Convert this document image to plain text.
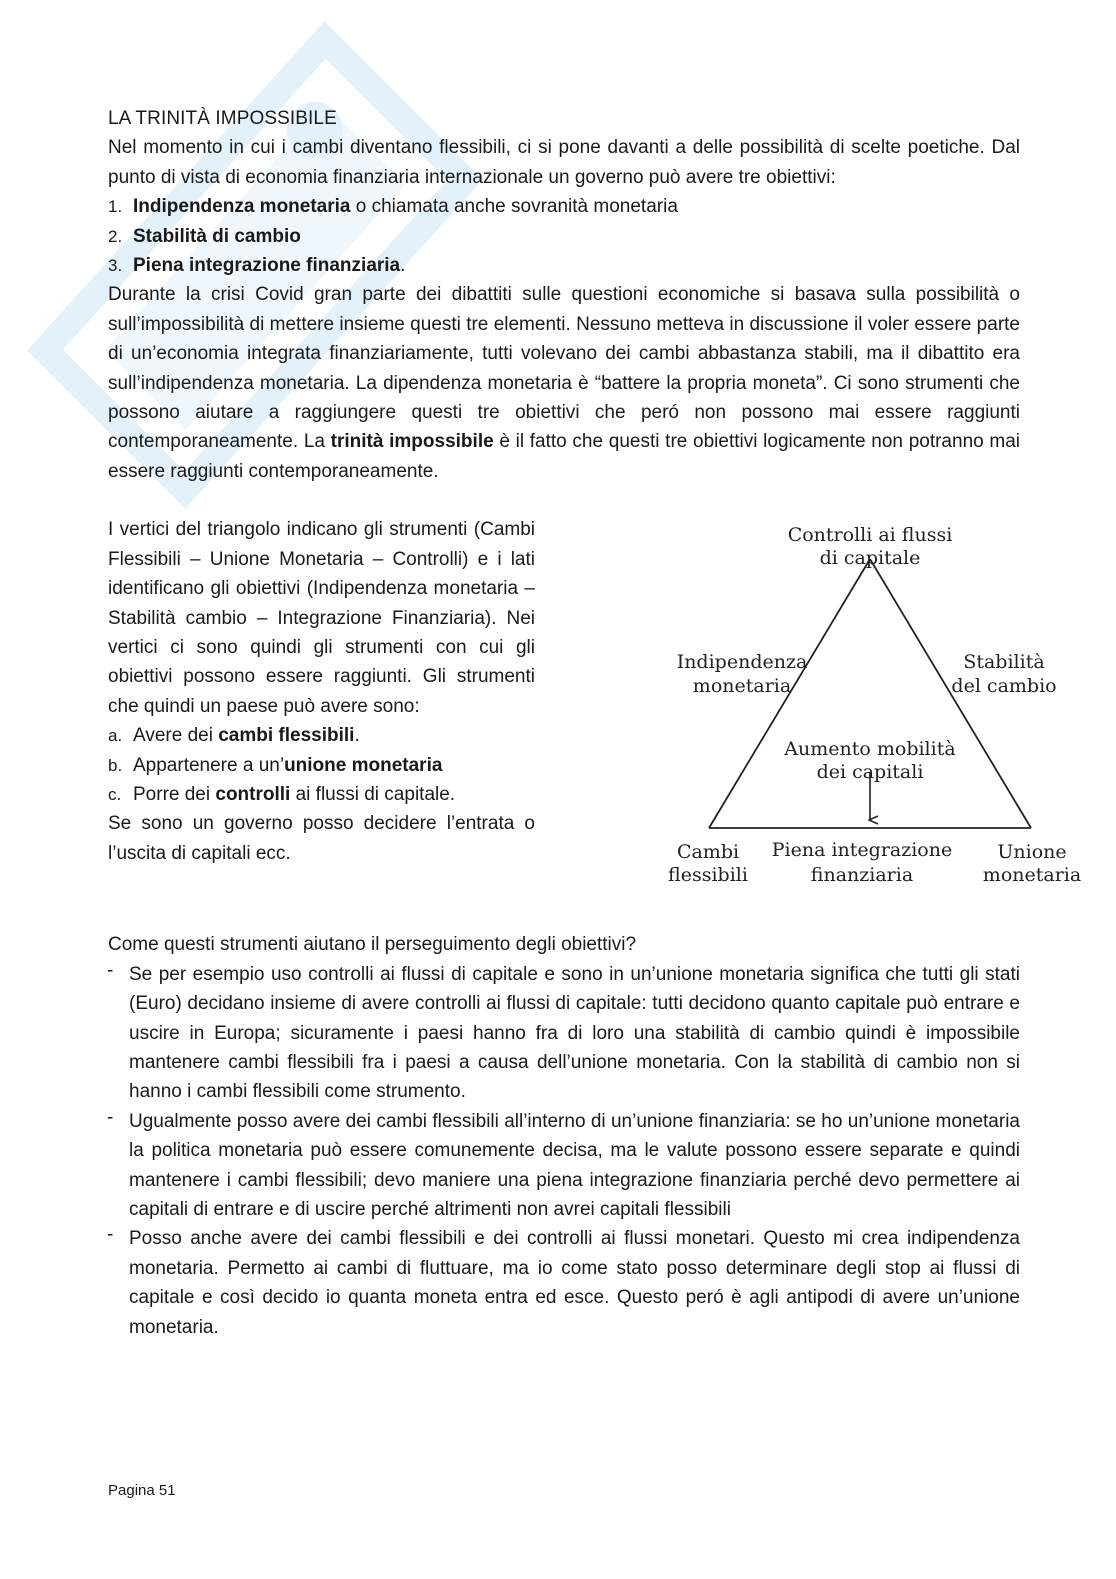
LA TRINITÀ IMPOSSIBILE

Nel momento in cui i cambi diventano flessibili, ci si pone davanti a delle possibilità di scelte poetiche. Dal punto di vista di economia finanziaria internazionale un governo può avere tre obiettivi:

1. Indipendenza monetaria o chiamata anche sovranità monetaria
2. Stabilità di cambio
3. Piena integrazione finanziaria.

Durante la crisi Covid gran parte dei dibattiti sulle questioni economiche si basava sulla possibilità o sull’impossibilità di mettere insieme questi tre elementi. Nessuno metteva in discussione il voler essere parte di un’economia integrata finanziariamente, tutti volevano dei cambi abbastanza stabili, ma il dibattito era sull’indipendenza monetaria. La dipendenza monetaria è “battere la propria moneta”. Ci sono strumenti che possono aiutare a raggiungere questi tre obiettivi che peró non possono mai essere raggiunti contemporaneamente. La trinità impossibile è il fatto che questi tre obiettivi logicamente non potranno mai essere raggiunti contemporaneamente.

I vertici del triangolo indicano gli strumenti (Cambi Flessibili – Unione Monetaria – Controlli) e i lati identificano gli obiettivi (Indipendenza monetaria – Stabilità cambio – Integrazione Finanziaria). Nei vertici ci sono quindi gli strumenti con cui gli obiettivi possono essere raggiunti. Gli strumenti che quindi un paese può avere sono:

a. Avere dei cambi flessibili.
b. Appartenere a un’unione monetaria
c. Porre dei controlli ai flussi di capitale.

Se sono un governo posso decidere l’entrata o l’uscita di capitali ecc.

Controlli ai flussi
di capitale
Indipendenza
monetaria
Stabilità
del cambio
Aumento mobilità
dei capitali
Piena integrazione
finanziaria
Cambi
flessibili
Unione
monetaria

Come questi strumenti aiutano il perseguimento degli obiettivi?

- Se per esempio uso controlli ai flussi di capitale e sono in un’unione monetaria significa che tutti gli stati (Euro) decidano insieme di avere controlli ai flussi di capitale: tutti decidono quanto capitale può entrare e uscire in Europa; sicuramente i paesi hanno fra di loro una stabilità di cambio quindi è impossibile mantenere cambi flessibili fra i paesi a causa dell’unione monetaria. Con la stabilità di cambio non si hanno i cambi flessibili come strumento.
- Ugualmente posso avere dei cambi flessibili all’interno di un’unione finanziaria: se ho un’unione monetaria la politica monetaria può essere comunemente decisa, ma le valute possono essere separate e quindi mantenere i cambi flessibili; devo maniere una piena integrazione finanziaria perché devo permettere ai capitali di entrare e di uscire perché altrimenti non avrei capitali flessibili
- Posso anche avere dei cambi flessibili e dei controlli ai flussi monetari. Questo mi crea indipendenza monetaria. Permetto ai cambi di fluttuare, ma io come stato posso determinare degli stop ai flussi di capitale e così decido io quanta moneta entra ed esce. Questo peró è agli antipodi di avere un’unione monetaria.
Pagina 51
